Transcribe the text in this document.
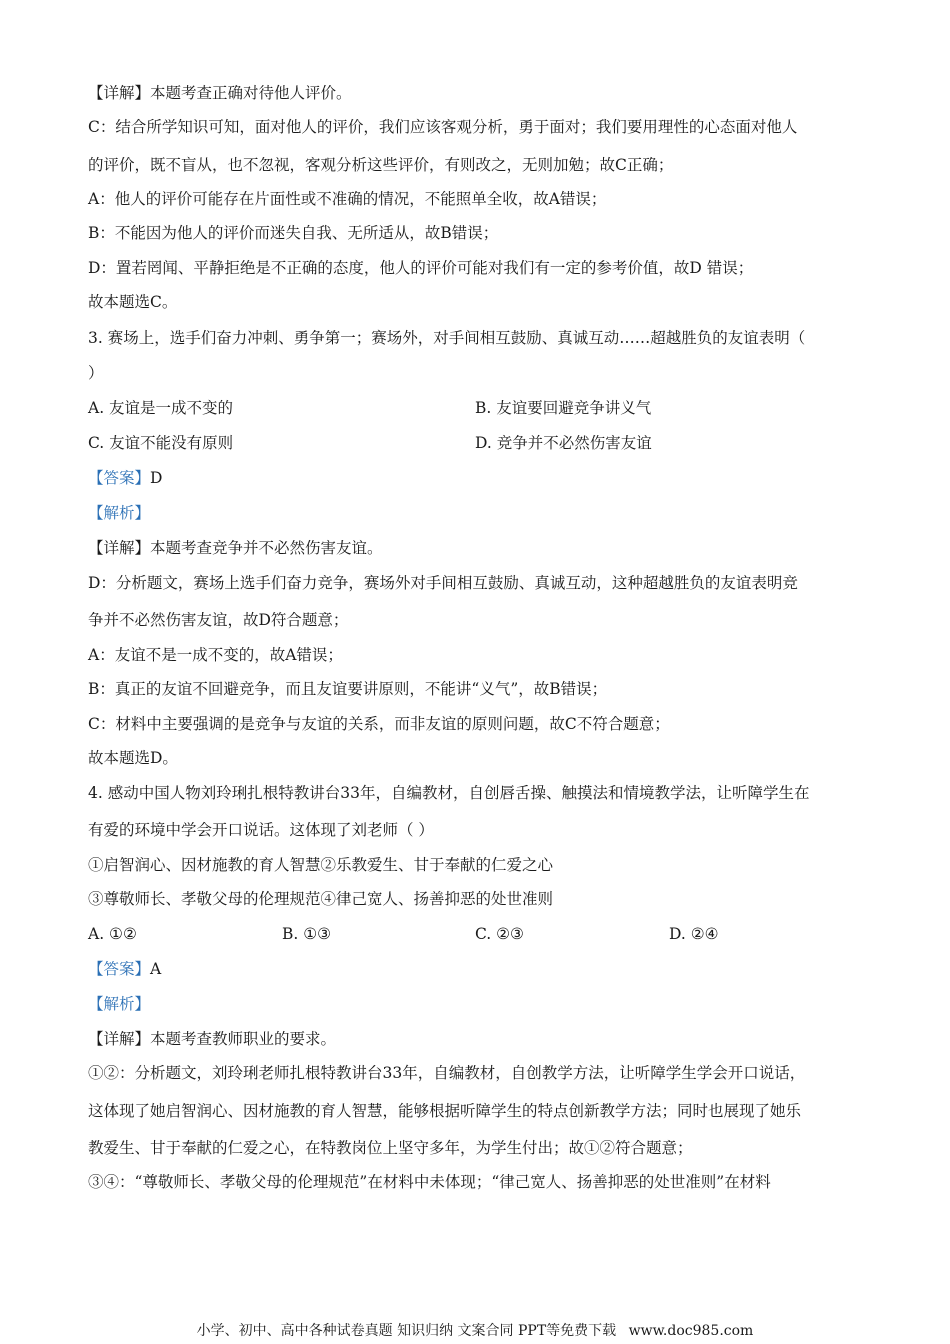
【详解】本题考查正确对待他人评价。
C：结合所学知识可知，面对他人的评价，我们应该客观分析，勇于面对；我们要用理性的心态面对他人
的评价，既不盲从，也不忽视，客观分析这些评价，有则改之，无则加勉；故C正确；
A：他人的评价可能存在片面性或不准确的情况，不能照单全收，故A错误；
B：不能因为他人的评价而迷失自我、无所适从，故B错误；
D：置若罔闻、平静拒绝是不正确的态度，他人的评价可能对我们有一定的参考价值，故D 错误；
故本题选C。
3. 赛场上，选手们奋力冲刺、勇争第一；赛场外，对手间相互鼓励、真诚互动……超越胜负的友谊表明（
）
A. 友谊是一成不变的	B. 友谊要回避竞争讲义气
C. 友谊不能没有原则	D. 竞争并不必然伤害友谊
【答案】D
【解析】
【详解】本题考查竞争并不必然伤害友谊。
D：分析题文，赛场上选手们奋力竞争，赛场外对手间相互鼓励、真诚互动，这种超越胜负的友谊表明竞
争并不必然伤害友谊，故D符合题意；
A：友谊不是一成不变的，故A错误；
B：真正的友谊不回避竞争，而且友谊要讲原则，不能讲“义气”，故B错误；
C：材料中主要强调的是竞争与友谊的关系，而非友谊的原则问题，故C不符合题意；
故本题选D。
4. 感动中国人物刘玲琍扎根特教讲台33年，自编教材，自创唇舌操、触摸法和情境教学法，让听障学生在
有爱的环境中学会开口说话。这体现了刘老师（ ）
①启智润心、因材施教的育人智慧②乐教爱生、甘于奉献的仁爱之心
③尊敬师长、孝敬父母的伦理规范④律己宽人、扬善抑恶的处世准则
A. ①②	B. ①③	C. ②③	D. ②④
【答案】A
【解析】
【详解】本题考查教师职业的要求。
①②：分析题文，刘玲琍老师扎根特教讲台33年，自编教材，自创教学方法，让听障学生学会开口说话，
这体现了她启智润心、因材施教的育人智慧，能够根据听障学生的特点创新教学方法；同时也展现了她乐
教爱生、甘于奉献的仁爱之心，在特教岗位上坚守多年，为学生付出；故①②符合题意；
③④：“尊敬师长、孝敬父母的伦理规范”在材料中未体现；“律己宽人、扬善抑恶的处世准则”在材料
小学、初中、高中各种试卷真题 知识归纳 文案合同 PPT等免费下载 www.doc985.com
